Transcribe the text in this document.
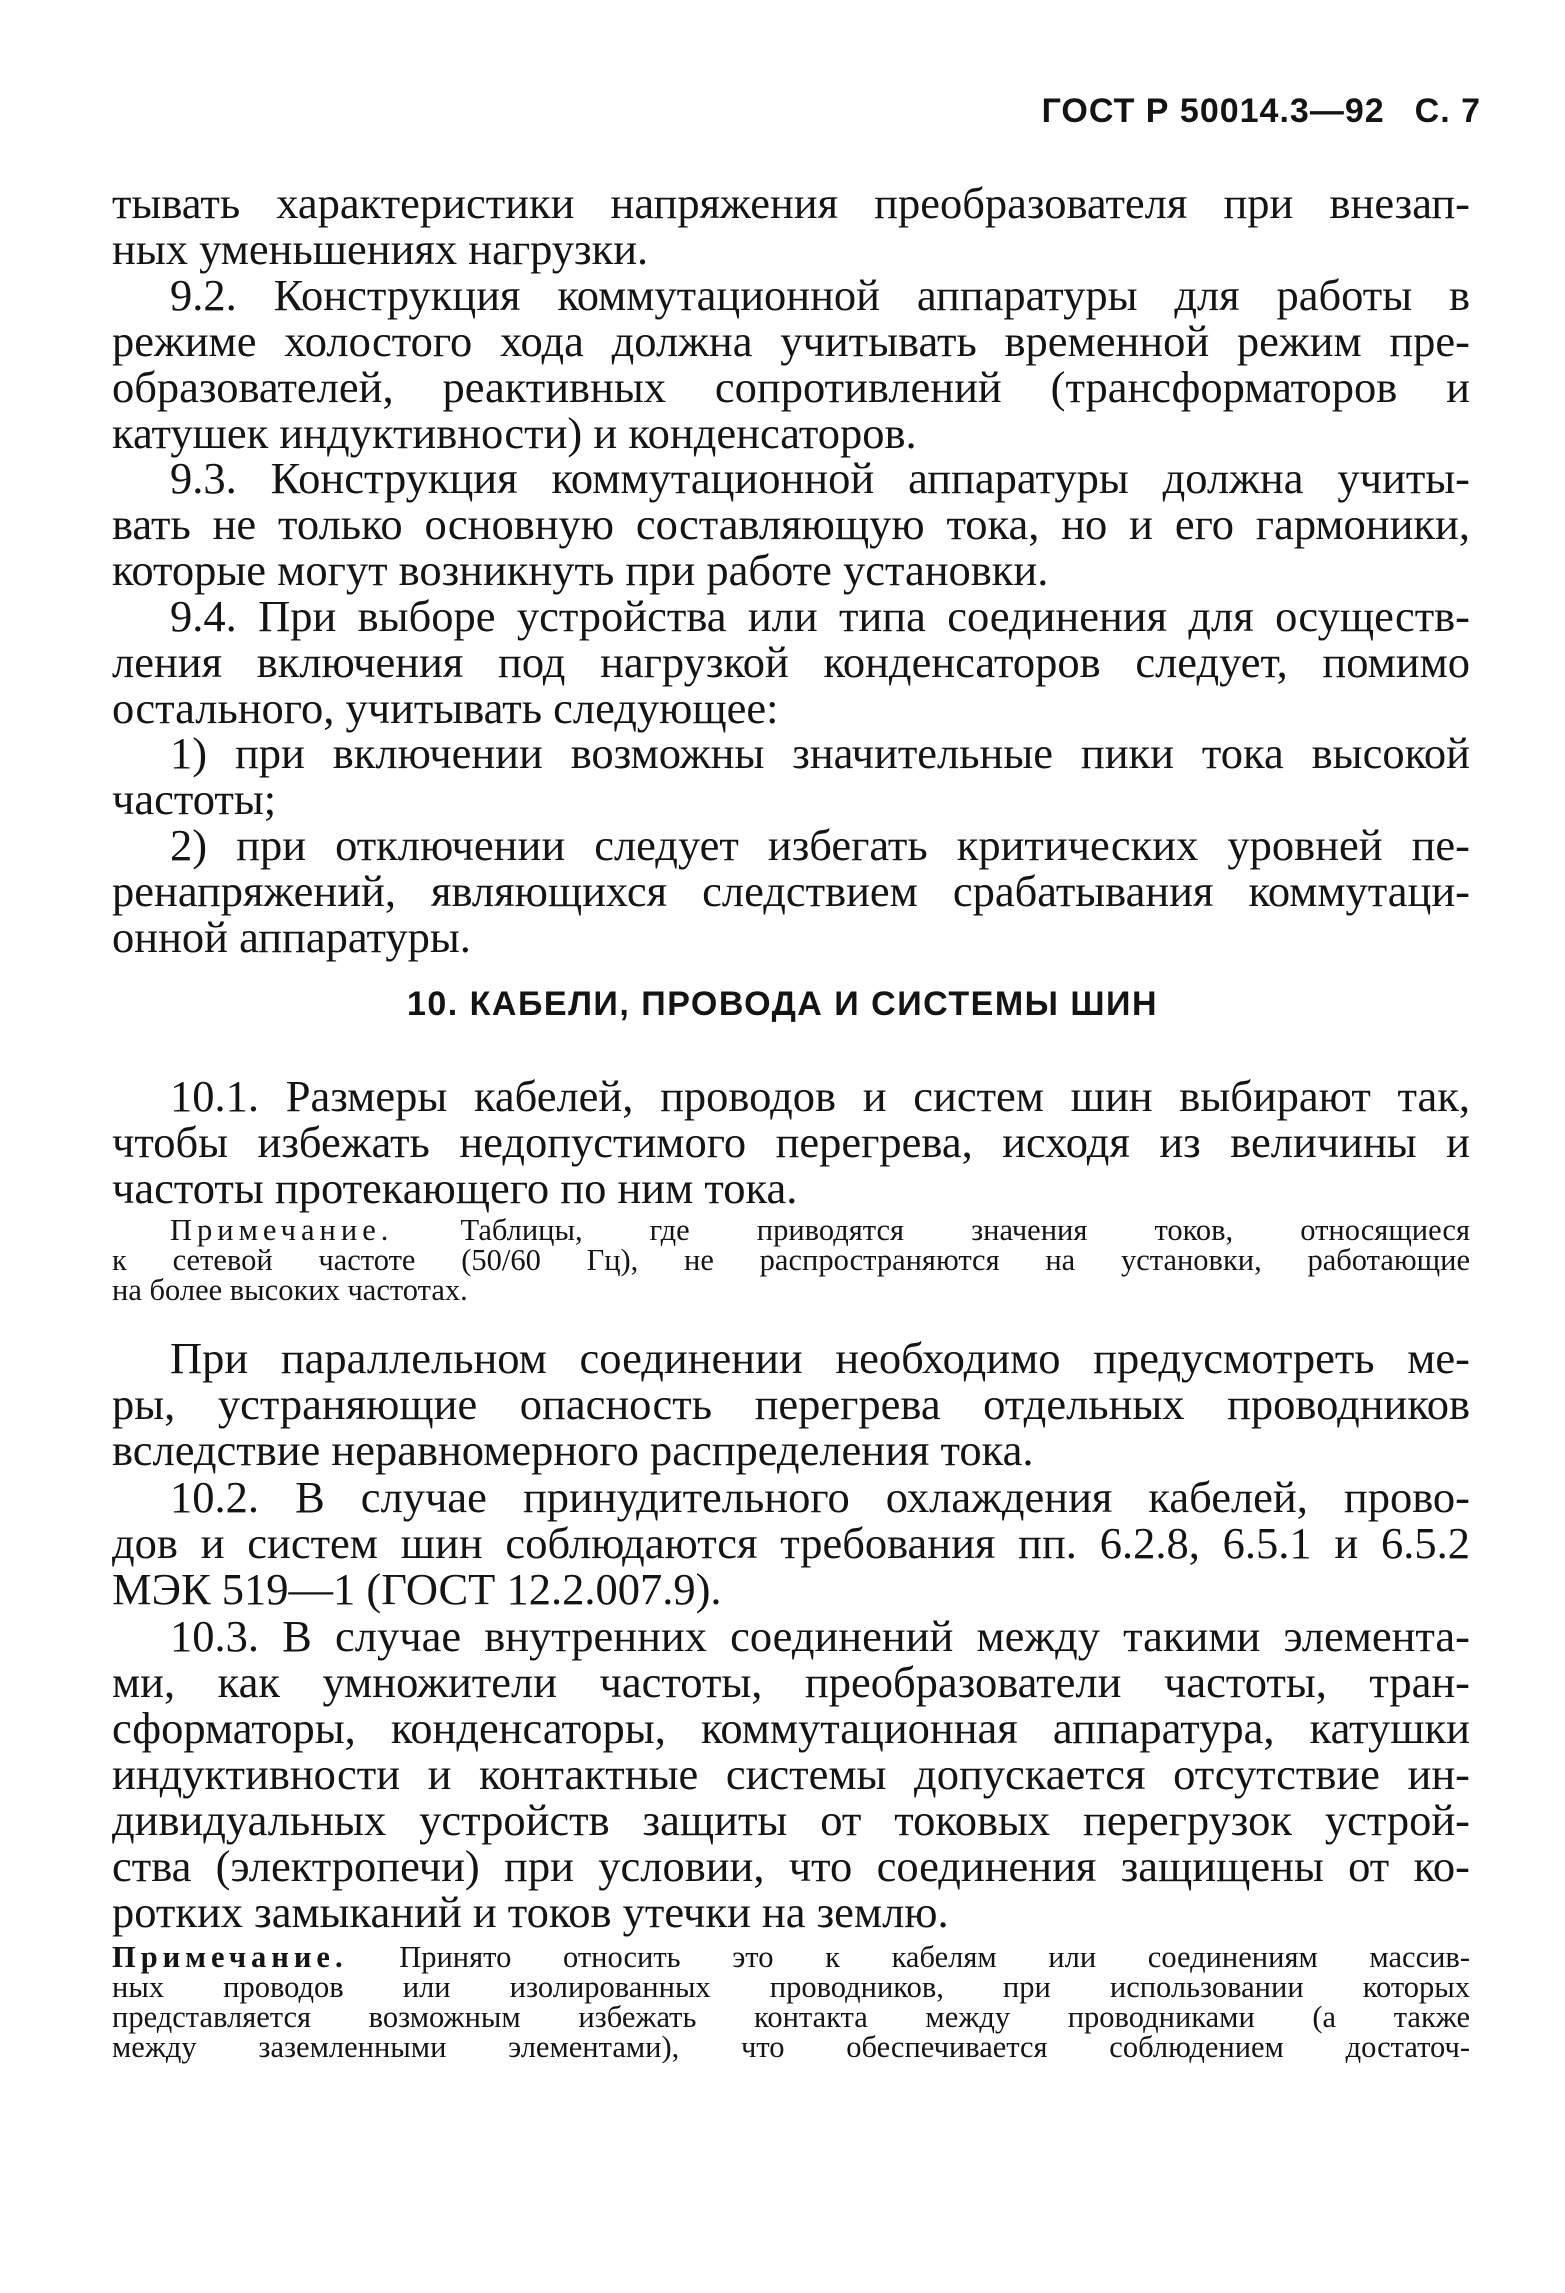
ГОСТ Р 50014.3—92 С. 7
тывать характеристики напряжения преобразователя при внезап-
ных уменьшениях нагрузки.
9.2. Конструкция коммутационной аппаратуры для работы в
режиме холостого хода должна учитывать временной режим пре-
образователей, реактивных сопротивлений (трансформаторов и
катушек индуктивности) и конденсаторов.
9.3. Конструкция коммутационной аппаратуры должна учиты-
вать не только основную составляющую тока, но и его гармоники,
которые могут возникнуть при работе установки.
9.4. При выборе устройства или типа соединения для осуществ-
ления включения под нагрузкой конденсаторов следует, помимо
остального, учитывать следующее:
1) при включении возможны значительные пики тока высокой
частоты;
2) при отключении следует избегать критических уровней пе-
ренапряжений, являющихся следствием срабатывания коммутаци-
онной аппаратуры.
10. КАБЕЛИ, ПРОВОДА И СИСТЕМЫ ШИН
10.1. Размеры кабелей, проводов и систем шин выбирают так,
чтобы избежать недопустимого перегрева, исходя из величины и
частоты протекающего по ним тока.
Примечание. Таблицы, где приводятся значения токов, относящиеся
к сетевой частоте (50/60 Гц), не распространяются на установки, работающие
на более высоких частотах.
При параллельном соединении необходимо предусмотреть ме-
ры, устраняющие опасность перегрева отдельных проводников
вследствие неравномерного распределения тока.
10.2. В случае принудительного охлаждения кабелей, прово-
дов и систем шин соблюдаются требования пп. 6.2.8, 6.5.1 и 6.5.2
МЭК 519—1 (ГОСТ 12.2.007.9).
10.3. В случае внутренних соединений между такими элемента-
ми, как умножители частоты, преобразователи частоты, тран-
сформаторы, конденсаторы, коммутационная аппаратура, катушки
индуктивности и контактные системы допускается отсутствие ин-
дивидуальных устройств защиты от токовых перегрузок устрой-
ства (электропечи) при условии, что соединения защищены от ко-
ротких замыканий и токов утечки на землю.
Примечание. Принято относить это к кабелям или соединениям массив-
ных проводов или изолированных проводников, при использовании которых
представляется возможным избежать контакта между проводниками (а также
между заземленными элементами), что обеспечивается соблюдением достаточ-
